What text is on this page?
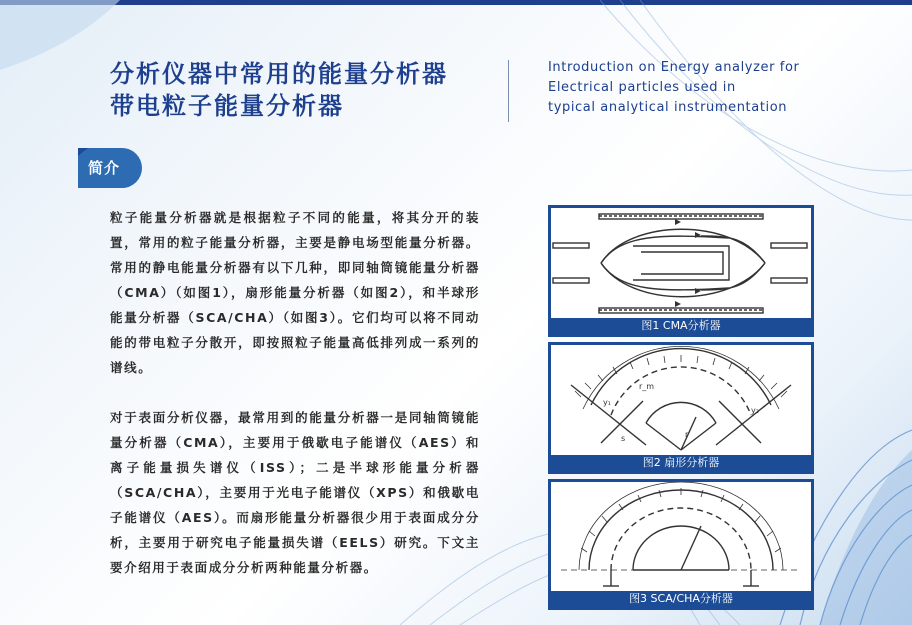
分析仪器中常用的能量分析器
带电粒子能量分析器
Introduction on Energy analyzer for
Electrical particles used in
typical analytical instrumentation
简介
粒子能量分析器就是根据粒子不同的能量，将其分开的装置，常用的粒子能量分析器，主要是静电场型能量分析器。常用的静电能量分析器有以下几种，即同轴筒镜能量分析器（CMA）（如图1），扇形能量分析器（如图2），和半球形能量分析器（SCA/CHA）（如图3）。它们均可以将不同动能的带电粒子分散开，即按照粒子能量高低排列成一系列的谱线。
对于表面分析仪器，最常用到的能量分析器一是同轴筒镜能量分析器（CMA），主要用于俄歇电子能谱仪（AES）和离子能量损失谱仪（ISS）；二是半球形能量分析器（SCA/CHA），主要用于光电子能谱仪（XPS）和俄歇电子能谱仪（AES）。而扇形能量分析器很少用于表面成分分析，主要用于研究电子能量损失谱（EELS）研究。下文主要介绍用于表面成分分析两种能量分析器。
图1 CMA分析器
r
y₁
y₂
s
r_m
图2 扇形分析器
图3 SCA/CHA分析器
